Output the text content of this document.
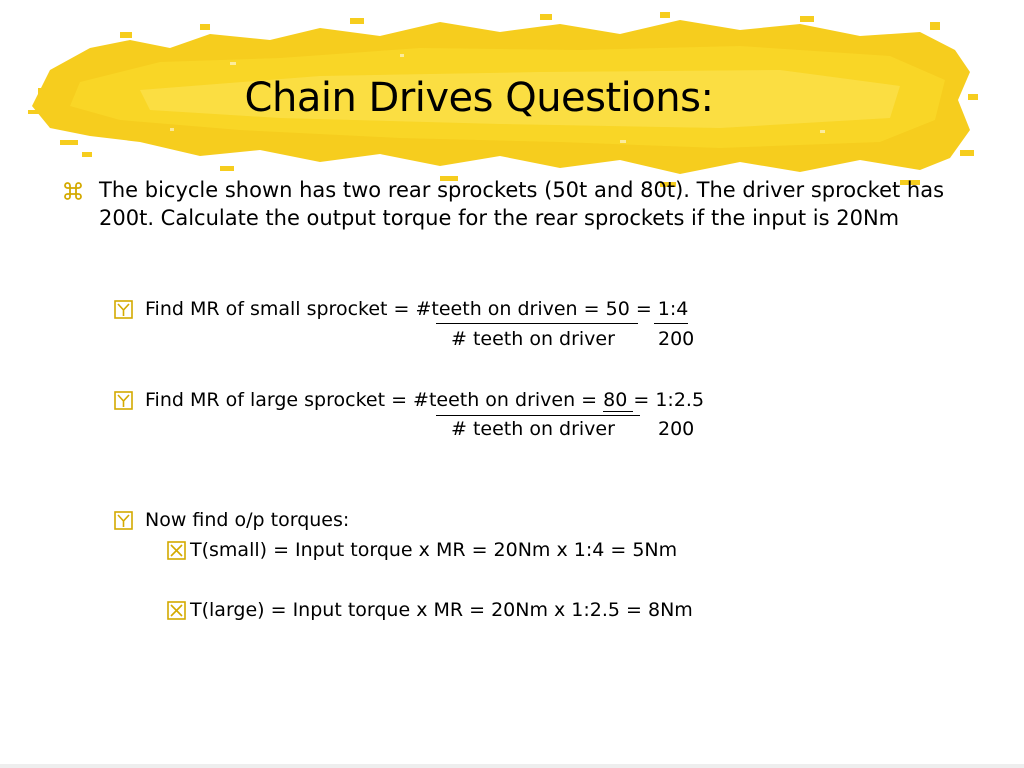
Chain Drives Questions:
The bicycle shown has two rear sprockets (50t and 80t). The driver sprocket has 200t. Calculate the output torque for the rear sprockets if the input is 20Nm
Find MR of small sprocket = #teeth on driven = 50 = 1:4
# teeth on driver 200
Find MR of large sprocket = #teeth on driven = 80 = 1:2.5
# teeth on driver 200
Now find o/p torques:
T(small) = Input torque x MR = 20Nm x 1:4 = 5Nm
T(large) = Input torque x MR = 20Nm x 1:2.5 = 8Nm
